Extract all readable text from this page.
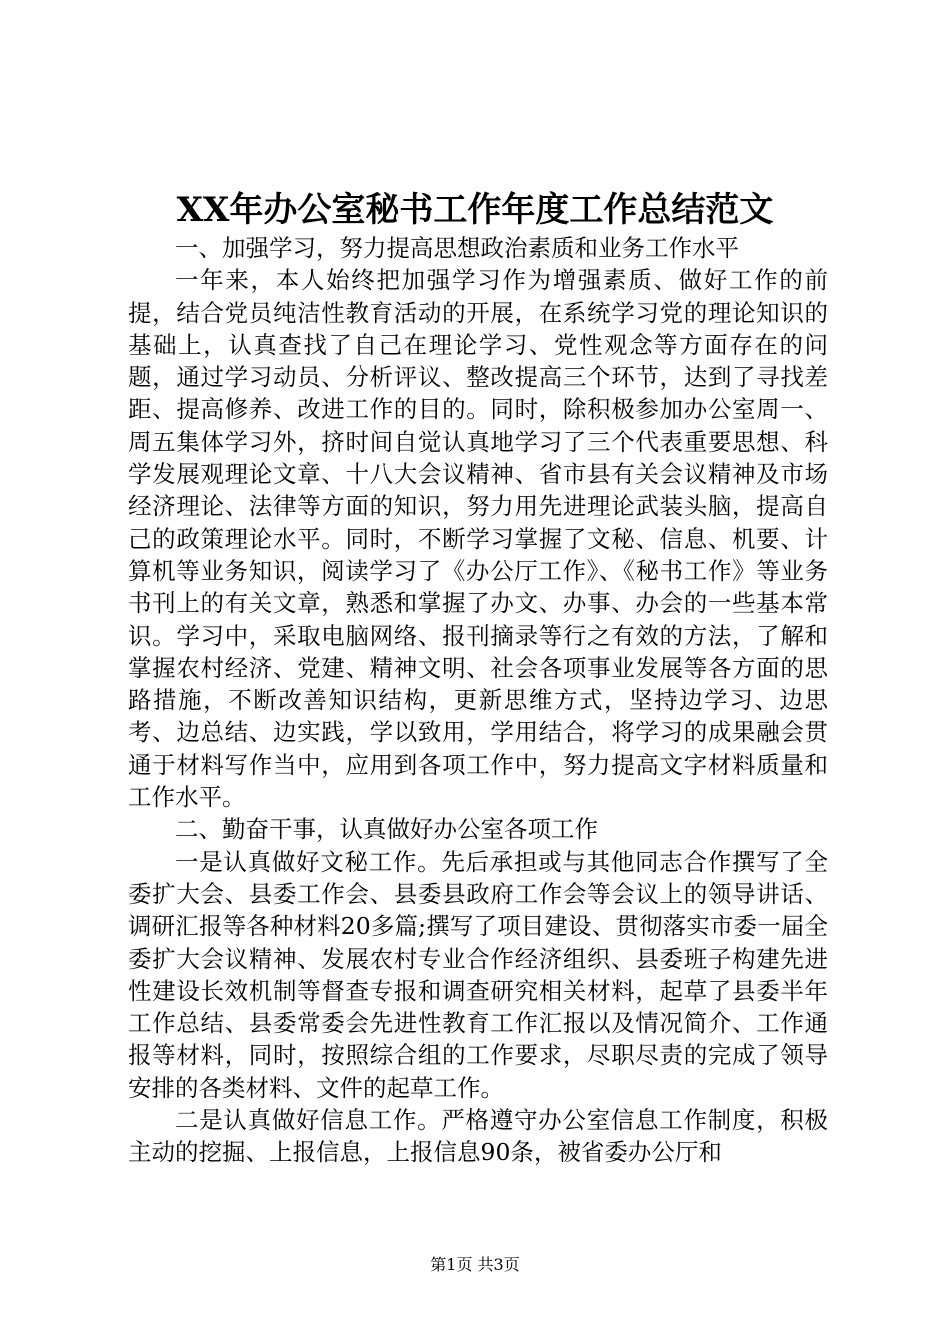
XX年办公室秘书工作年度工作总结范文

一、加强学习，努力提高思想政治素质和业务工作水平

一年来，本人始终把加强学习作为增强素质、做好工作的前提，结合党员纯洁性教育活动的开展，在系统学习党的理论知识的基础上，认真查找了自己在理论学习、党性观念等方面存在的问题，通过学习动员、分析评议、整改提高三个环节，达到了寻找差距、提高修养、改进工作的目的。同时，除积极参加办公室周一、周五集体学习外，挤时间自觉认真地学习了三个代表重要思想、科学发展观理论文章、十八大会议精神、省市县有关会议精神及市场经济理论、法律等方面的知识，努力用先进理论武装头脑，提高自己的政策理论水平。同时，不断学习掌握了文秘、信息、机要、计算机等业务知识，阅读学习了《办公厅工作》、《秘书工作》等业务书刊上的有关文章，熟悉和掌握了办文、办事、办会的一些基本常识。学习中，采取电脑网络、报刊摘录等行之有效的方法，了解和掌握农村经济、党建、精神文明、社会各项事业发展等各方面的思路措施，不断改善知识结构，更新思维方式，坚持边学习、边思考、边总结、边实践，学以致用，学用结合，将学习的成果融会贯通于材料写作当中，应用到各项工作中，努力提高文字材料质量和工作水平。

二、勤奋干事，认真做好办公室各项工作

一是认真做好文秘工作。先后承担或与其他同志合作撰写了全委扩大会、县委工作会、县委县政府工作会等会议上的领导讲话、调研汇报等各种材料20多篇;撰写了项目建设、贯彻落实市委一届全委扩大会议精神、发展农村专业合作经济组织、县委班子构建先进性建设长效机制等督查专报和调查研究相关材料，起草了县委半年工作总结、县委常委会先进性教育工作汇报以及情况简介、工作通报等材料，同时，按照综合组的工作要求，尽职尽责的完成了领导安排的各类材料、文件的起草工作。

二是认真做好信息工作。严格遵守办公室信息工作制度，积极主动的挖掘、上报信息，上报信息90条，被省委办公厅和

第1页 共3页
